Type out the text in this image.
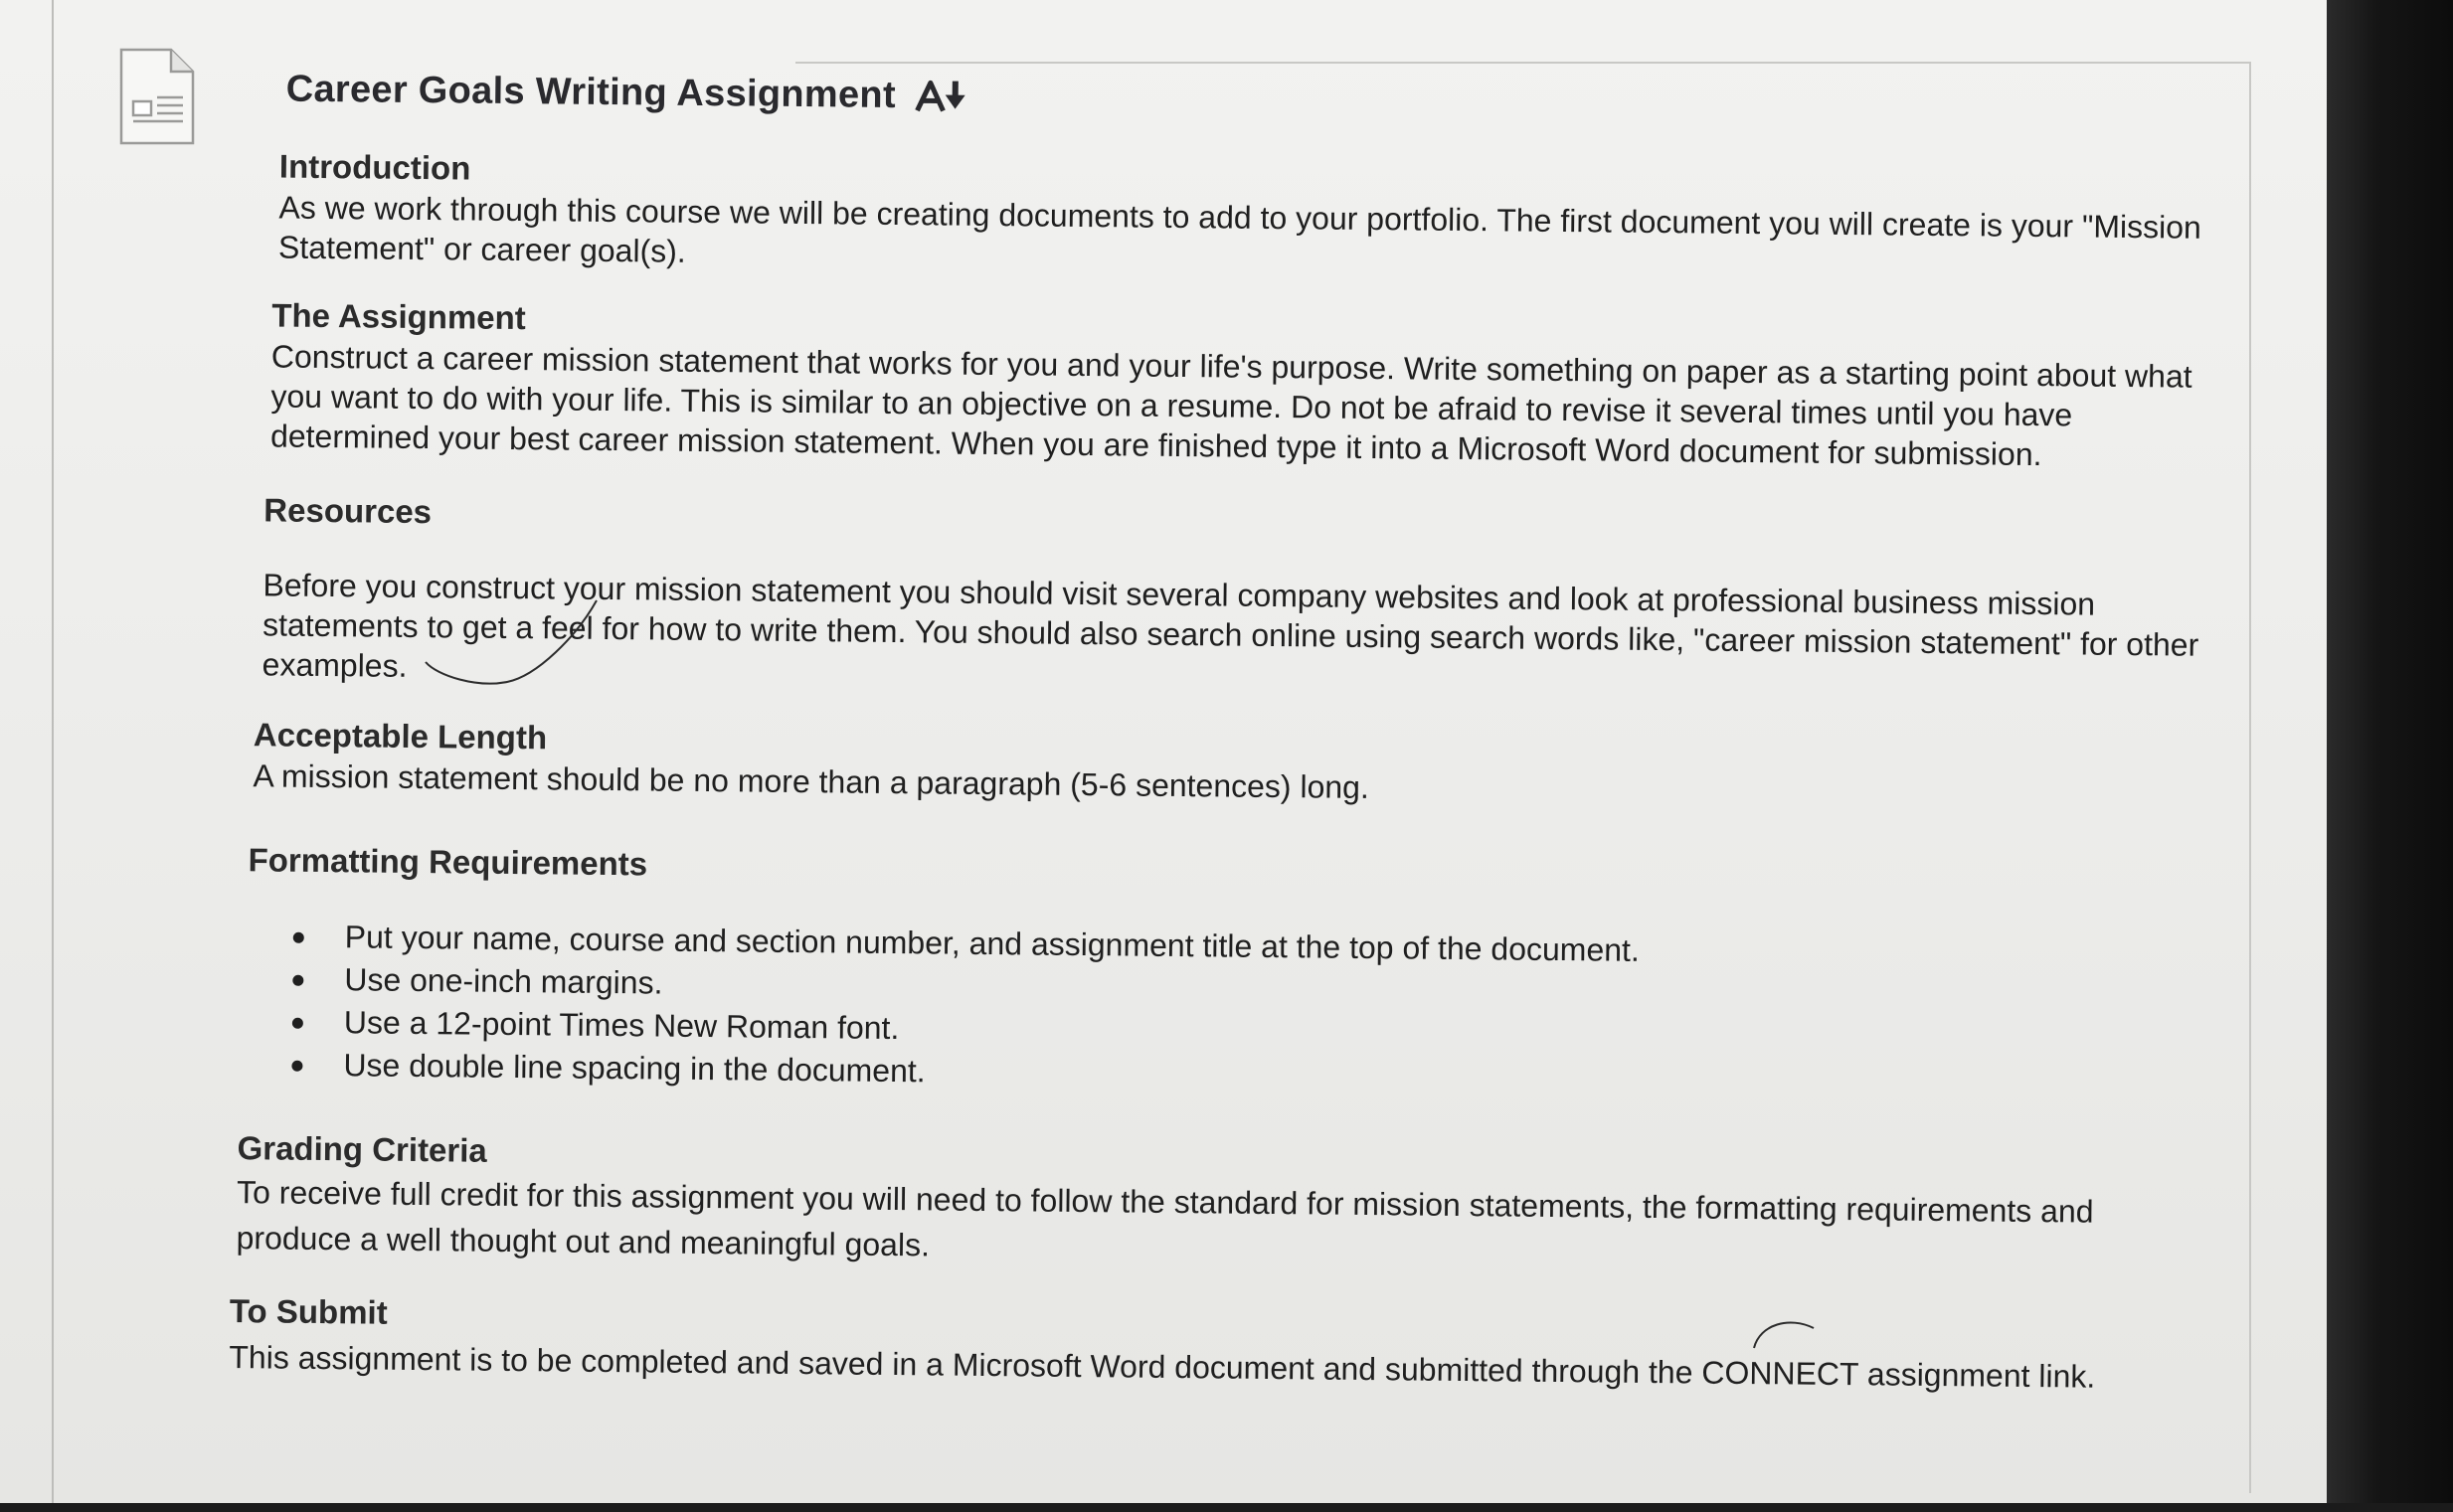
Career Goals Writing Assignment
Introduction

As we work through this course we will be creating documents to add to your portfolio. The first document you will create is your "Mission Statement" or career goal(s).

The Assignment

Construct a career mission statement that works for you and your life's purpose. Write something on paper as a starting point about what you want to do with your life. This is similar to an objective on a resume. Do not be afraid to revise it several times until you have determined your best career mission statement. When you are finished type it into a Microsoft Word document for submission.

Resources

Before you construct your mission statement you should visit several company websites and look at professional business mission statements to get a feel for how to write them. You should also search online using search words like, "career mission statement" for other examples.

Acceptable Length

A mission statement should be no more than a paragraph (5-6 sentences) long.

Formatting Requirements
Put your name, course and section number, and assignment title at the top of the document.
Use one-inch margins.
Use a 12-point Times New Roman font.
Use double line spacing in the document.
Grading Criteria

To receive full credit for this assignment you will need to follow the standard for mission statements, the formatting requirements and produce a well thought out and meaningful goals.

To Submit

This assignment is to be completed and saved in a Microsoft Word document and submitted through the CONNECT assignment link.
